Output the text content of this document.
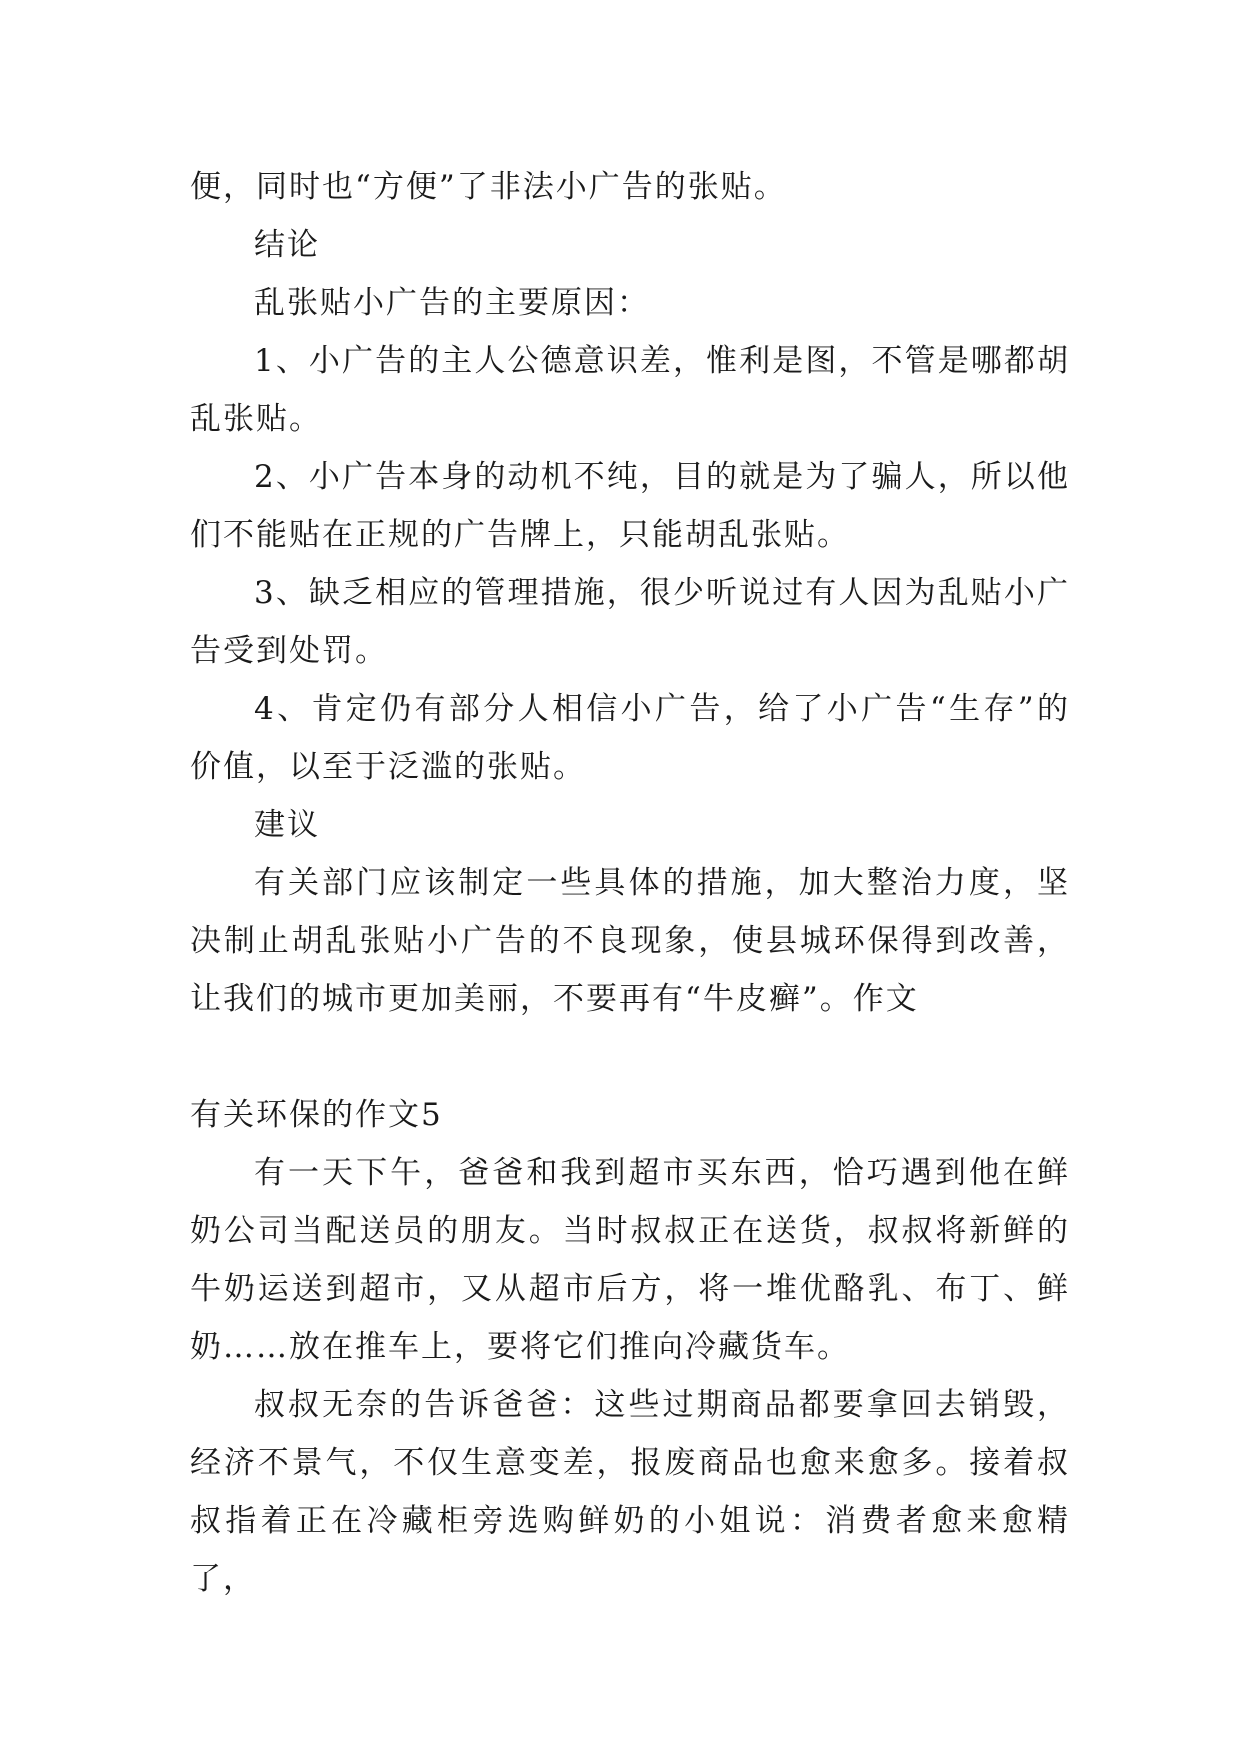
便，同时也“方便”了非法小广告的张贴。

结论

乱张贴小广告的主要原因：

1、小广告的主人公德意识差，惟利是图，不管是哪都胡乱张贴。

2、小广告本身的动机不纯，目的就是为了骗人，所以他们不能贴在正规的广告牌上，只能胡乱张贴。

3、缺乏相应的管理措施，很少听说过有人因为乱贴小广告受到处罚。

4、肯定仍有部分人相信小广告，给了小广告“生存”的价值，以至于泛滥的张贴。

建议

有关部门应该制定一些具体的措施，加大整治力度，坚决制止胡乱张贴小广告的不良现象，使县城环保得到改善，让我们的城市更加美丽，不要再有“牛皮癣”。作文

有关环保的作文5

有一天下午，爸爸和我到超市买东西，恰巧遇到他在鲜奶公司当配送员的朋友。当时叔叔正在送货，叔叔将新鲜的牛奶运送到超市，又从超市后方，将一堆优酪乳、布丁、鲜奶……放在推车上，要将它们推向冷藏货车。

叔叔无奈的告诉爸爸：这些过期商品都要拿回去销毁，经济不景气，不仅生意变差，报废商品也愈来愈多。接着叔叔指着正在冷藏柜旁选购鲜奶的小姐说：消费者愈来愈精了，
